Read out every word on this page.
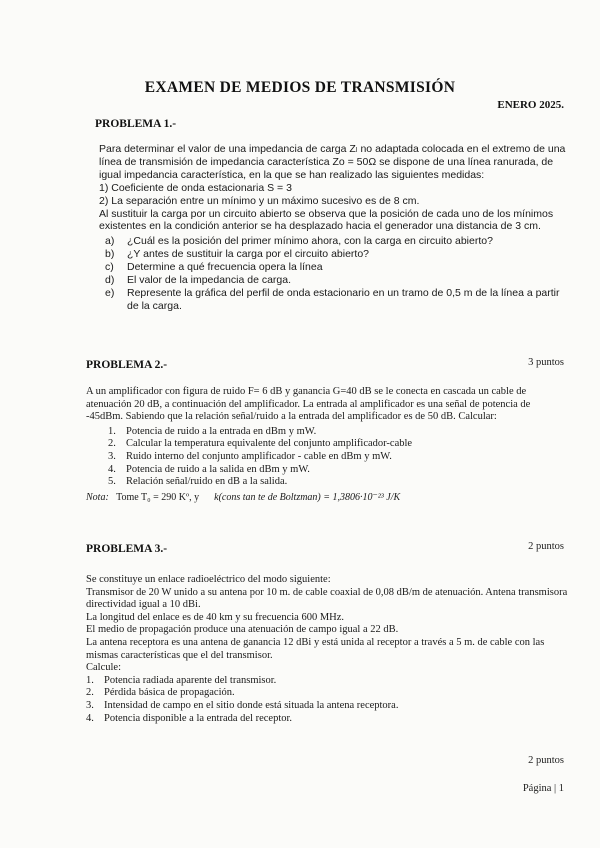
EXAMEN DE MEDIOS DE TRANSMISIÓN
ENERO 2025.
PROBLEMA 1.-

Para determinar el valor de una impedancia de carga Zₗ no adaptada colocada en el extremo de una línea de transmisión de impedancia característica Zo = 50Ω se dispone de una línea ranurada, de igual impedancia característica, en la que se han realizado las siguientes medidas:

1) Coeficiente de onda estacionaria S = 3

2) La separación entre un mínimo y un máximo sucesivo es de 8 cm.

Al sustituir la carga por un circuito abierto se observa que la posición de cada uno de los mínimos existentes en la condición anterior se ha desplazado hacia el generador una distancia de 3 cm.

a) ¿Cuál es la posición del primer mínimo ahora, con la carga en circuito abierto?
b) ¿Y antes de sustituir la carga por el circuito abierto?
c) Determine a qué frecuencia opera la línea
d) El valor de la impedancia de carga.
e) Represente la gráfica del perfil de onda estacionario en un tramo de 0,5 m de la línea a partir de la carga.
3 puntos
PROBLEMA 2.-

A un amplificador con figura de ruido F= 6 dB y ganancia G=40 dB se le conecta en cascada un cable de atenuación 20 dB, a continuación del amplificador. La entrada al amplificador es una señal de potencia de -45dBm. Sabiendo que la relación señal/ruido a la entrada del amplificador es de 50 dB. Calcular:

1. Potencia de ruido a la entrada en dBm y mW.
2. Calcular la temperatura equivalente del conjunto amplificador-cable
3. Ruido interno del conjunto amplificador - cable en dBm y mW.
4. Potencia de ruido a la salida en dBm y mW.
5. Relación señal/ruido en dB a la salida.
Nota: Tome T₀ = 290 Kº, y k(cons tan te de Boltzman) = 1,3806·10⁻²³ J/K
2 puntos
PROBLEMA 3.-

Se constituye un enlace radioeléctrico del modo siguiente:

Transmisor de 20 W unido a su antena por 10 m. de cable coaxial de 0,08 dB/m de atenuación. Antena transmisora directividad igual a 10 dBi.

La longitud del enlace es de 40 km y su frecuencia 600 MHz.

El medio de propagación produce una atenuación de campo igual a 22 dB.

La antena receptora es una antena de ganancia 12 dBi y está unida al receptor a través a 5 m. de cable con las mismas características que el del transmisor.

Calcule:

1. Potencia radiada aparente del transmisor.
2. Pérdida básica de propagación.
3. Intensidad de campo en el sitio donde está situada la antena receptora.
4. Potencia disponible a la entrada del receptor.
2 puntos
Página | 1
